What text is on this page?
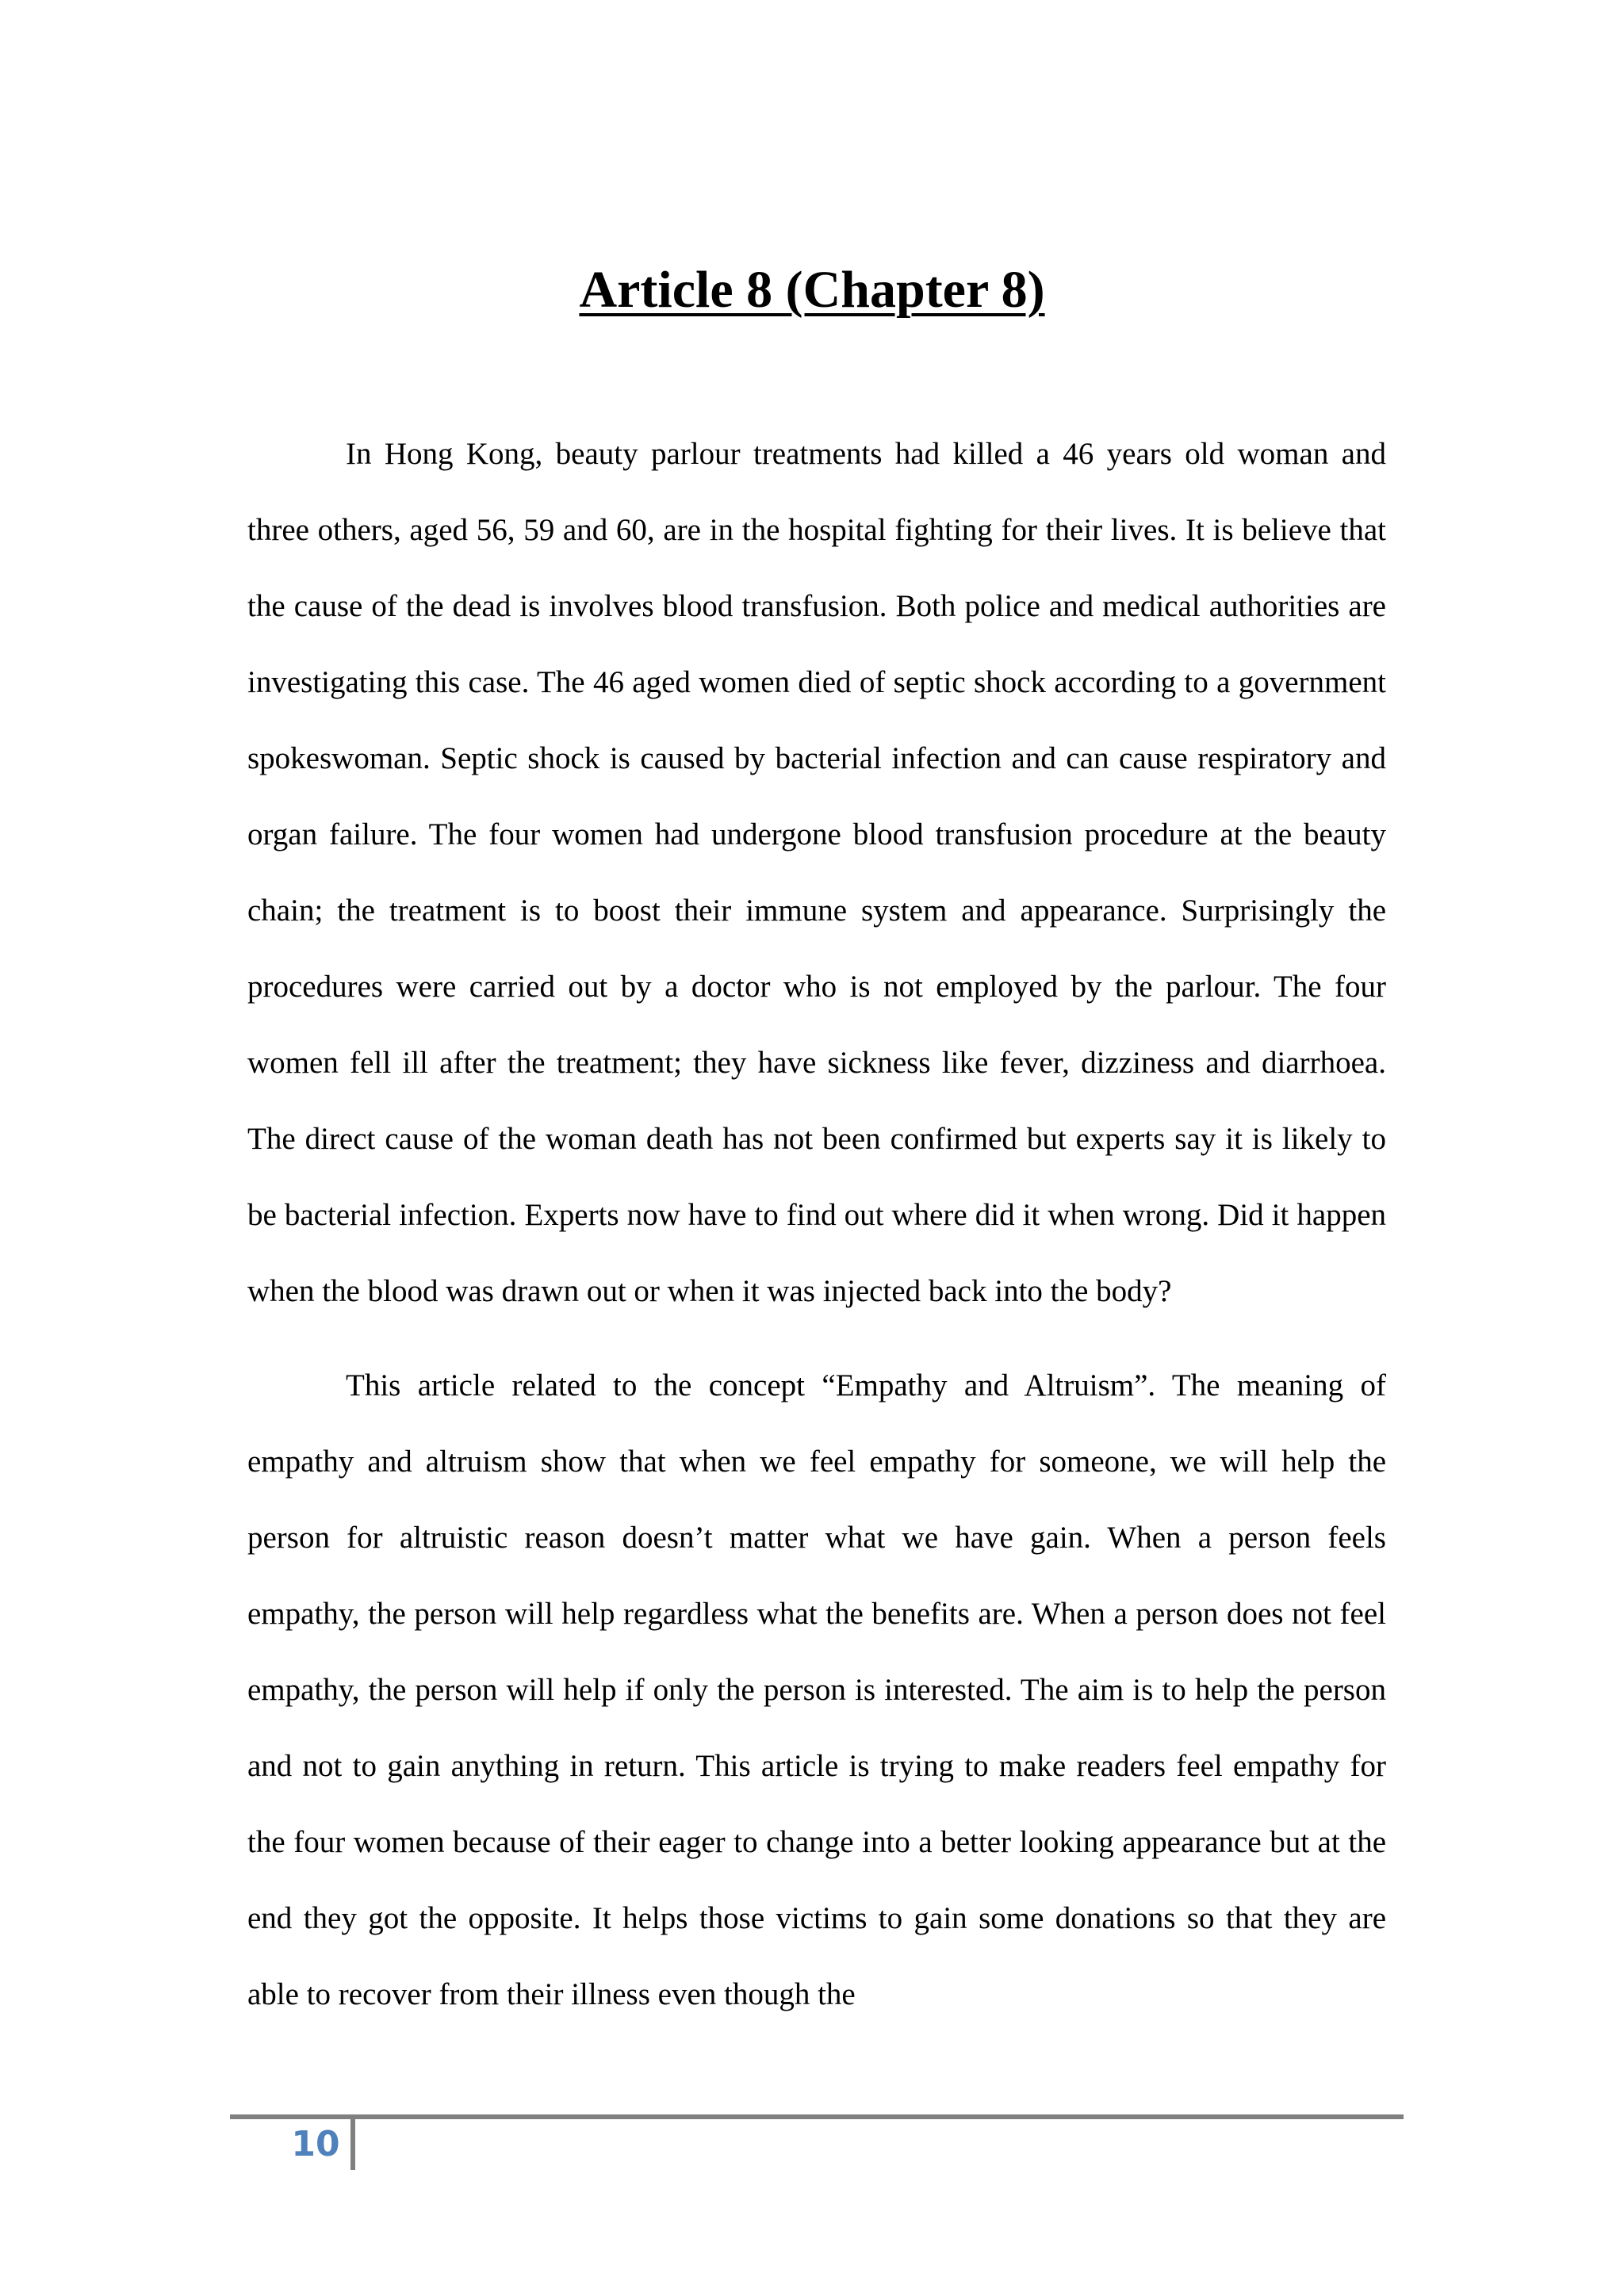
Article 8 (Chapter 8)

In Hong Kong, beauty parlour treatments had killed a 46 years old woman and three others, aged 56, 59 and 60, are in the hospital fighting for their lives. It is believe that the cause of the dead is involves blood transfusion. Both police and medical authorities are investigating this case. The 46 aged women died of septic shock according to a government spokeswoman. Septic shock is caused by bacterial infection and can cause respiratory and organ failure. The four women had undergone blood transfusion procedure at the beauty chain; the treatment is to boost their immune system and appearance. Surprisingly the procedures were carried out by a doctor who is not employed by the parlour. The four women fell ill after the treatment; they have sickness like fever, dizziness and diarrhoea. The direct cause of the woman death has not been confirmed but experts say it is likely to be bacterial infection. Experts now have to find out where did it when wrong. Did it happen when the blood was drawn out or when it was injected back into the body?

This article related to the concept “Empathy and Altruism”. The meaning of empathy and altruism show that when we feel empathy for someone, we will help the person for altruistic reason doesn’t matter what we have gain. When a person feels empathy, the person will help regardless what the benefits are. When a person does not feel empathy, the person will help if only the person is interested. The aim is to help the person and not to gain anything in return. This article is trying to make readers feel empathy for the four women because of their eager to change into a better looking appearance but at the end they got the opposite. It helps those victims to gain some donations so that they are able to recover from their illness even though the

10
